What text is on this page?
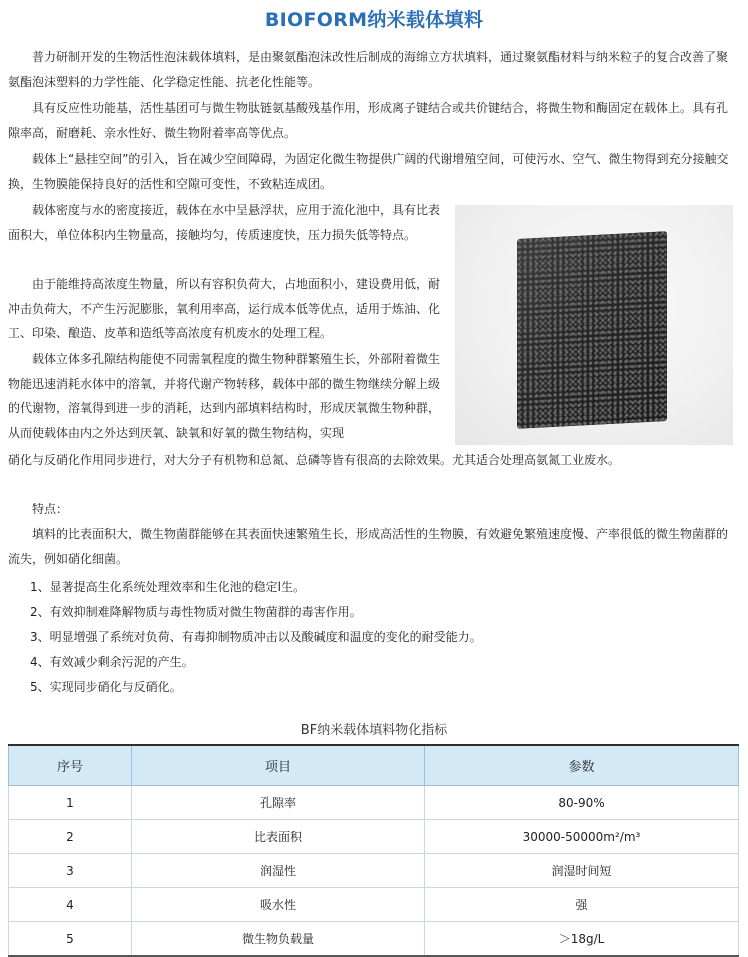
BIOFORM纳米载体填料

普力研制开发的生物活性泡沫载体填料，是由聚氨酯泡沫改性后制成的海绵立方状填料，通过聚氨酯材料与纳米粒子的复合改善了聚氨酯泡沫塑料的力学性能、化学稳定性能、抗老化性能等。

具有反应性功能基，活性基团可与微生物肽链氨基酸残基作用，形成离子键结合或共价键结合，将微生物和酶固定在载体上。具有孔隙率高，耐磨耗、亲水性好、微生物附着率高等优点。

载体上“悬挂空间”的引入，旨在减少空间障碍，为固定化微生物提供广阔的代谢增殖空间，可使污水、空气、微生物得到充分接触交换，生物膜能保持良好的活性和空隙可变性，不致粘连成团。

载体密度与水的密度接近，载体在水中呈悬浮状，应用于流化池中，具有比表面积大，单位体积内生物量高，接触均匀，传质速度快，压力损失低等特点。

由于能维持高浓度生物量，所以有容积负荷大，占地面积小，建设费用低，耐冲击负荷大，不产生污泥膨胀，氧利用率高，运行成本低等优点，适用于炼油、化工、印染、酿造、皮革和造纸等高浓度有机废水的处理工程。

载体立体多孔隙结构能使不同需氧程度的微生物种群繁殖生长，外部附着微生物能迅速消耗水体中的溶氧，并将代谢产物转移，载体中部的微生物继续分解上级的代谢物，溶氧得到进一步的消耗，达到内部填料结构时，形成厌氧微生物种群，从而使载体由内之外达到厌氧、缺氧和好氧的微生物结构，实现

硝化与反硝化作用同步进行，对大分子有机物和总氮、总磷等皆有很高的去除效果。尤其适合处理高氨氮工业废水。

特点：

填料的比表面积大，微生物菌群能够在其表面快速繁殖生长，形成高活性的生物膜，有效避免繁殖速度慢、产率很低的微生物菌群的流失，例如硝化细菌。

1、显著提高生化系统处理效率和生化池的稳定l生。
2、有效抑制难降解物质与毒性物质对微生物菌群的毒害作用。
3、明显增强了系统对负荷、有毒抑制物质冲击以及酸碱度和温度的变化的耐受能力。
4、有效减少剩余污泥的产生。
5、实现同步硝化与反硝化。
BF纳米载体填料物化指标
序号	项目	参数
1	孔隙率	80-90%
2	比表面积	30000-50000m²/m³
3	润湿性	润湿时间短
4	吸水性	强
5	微生物负载量	＞18g/L
